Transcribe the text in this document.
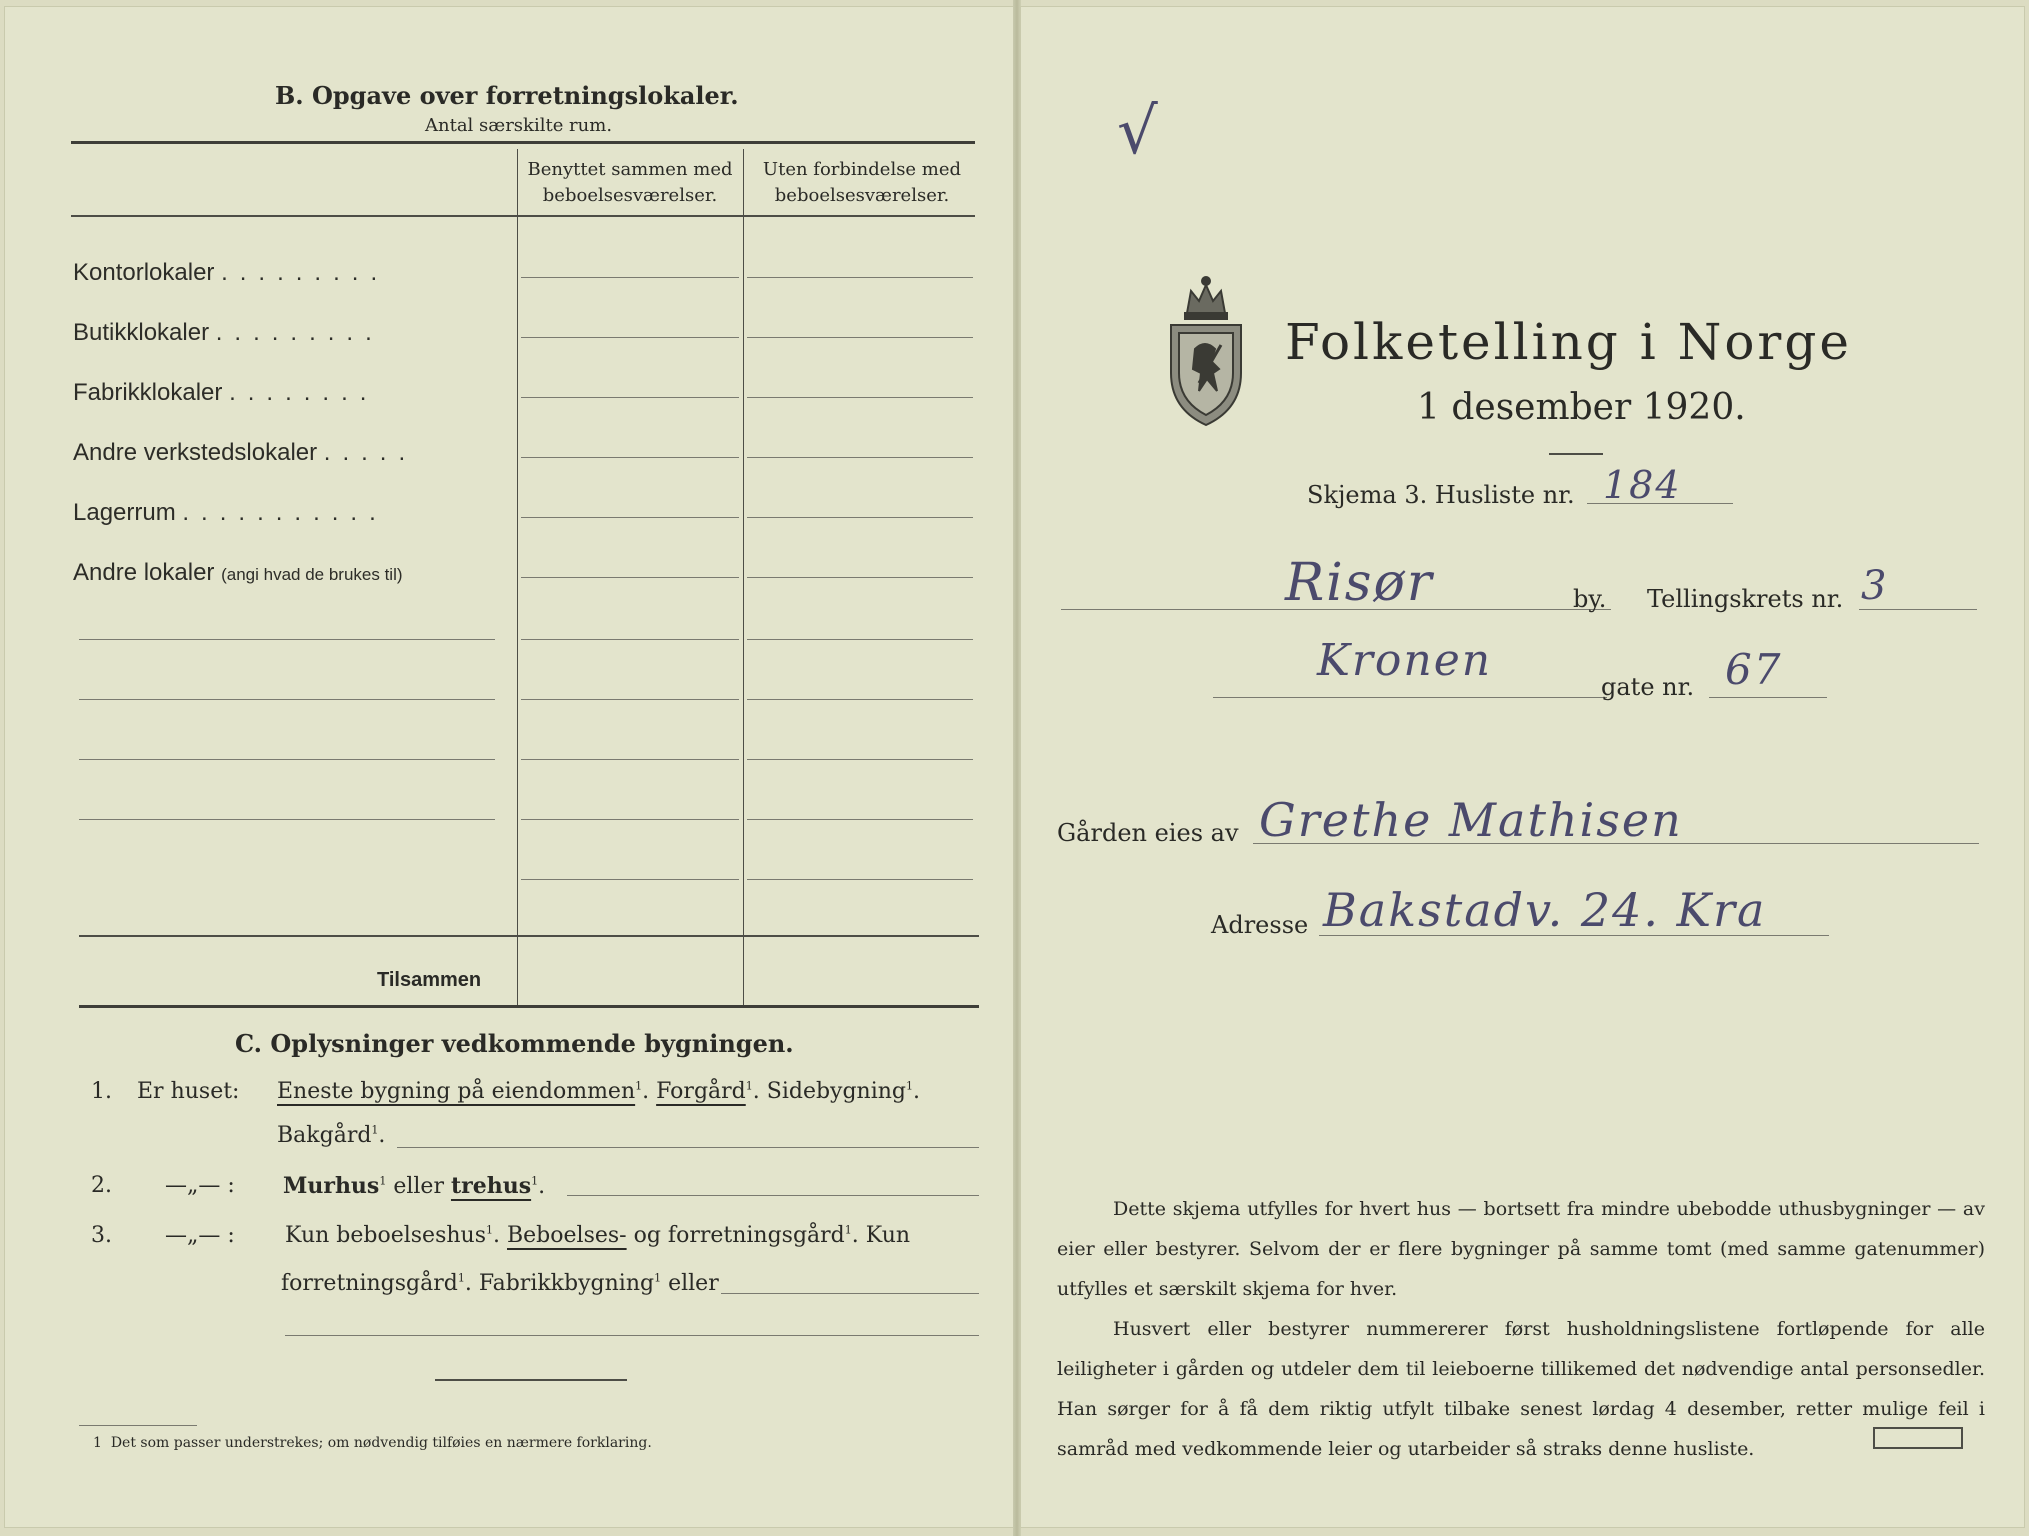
B. Opgave over forretningslokaler.
Antal særskilte rum.
Benyttet sammen med beboelsesværelser.
Uten forbindelse med beboelsesværelser.
Kontorlokaler .........
Butikklokaler .........
Fabrikklokaler ........
Andre verkstedslokaler .....
Lagerrum ...........
Andre lokaler (angi hvad de brukes til)
Tilsammen
C. Oplysninger vedkommende bygningen.
1. Er huset: Eneste bygning på eiendommen$^1$. Forgård$^1$. Sidebygning$^1$.
Bakgård$^1$.
2. —„— : Murhus$^1$ eller trehus$^1$.
3. —„— : Kun beboelseshus$^1$. Beboelses- og forretningsgård$^1$. Kun
forretningsgård$^1$. Fabrikkbygning$^1$ eller
1 Det som passer understrekes; om nødvendig tilføies en nærmere forklaring.
√
Folketelling i Norge
1 desember 1920.
Skjema 3. Husliste nr. 184
Risør	by. Tellingskrets nr. 3
Kronen
gate nr. 67
Gården eies av Grethe Mathisen
Adresse Bakstadv. 24. Kra
Dette skjema utfylles for hvert hus — bortsett fra mindre ubebodde uthusbygninger — av eier eller bestyrer. Selvom der er flere bygninger på samme tomt (med samme gatenummer) utfylles et særskilt skjema for hver.
Husvert eller bestyrer nummererer først husholdningslistene fortløpende for alle leiligheter i gården og utdeler dem til leieboerne tillikemed det nødvendige antal personsedler. Han sørger for å få dem riktig utfylt tilbake senest lørdag 4 desember, retter mulige feil i samråd med vedkommende leier og utarbeider så straks denne husliste.
